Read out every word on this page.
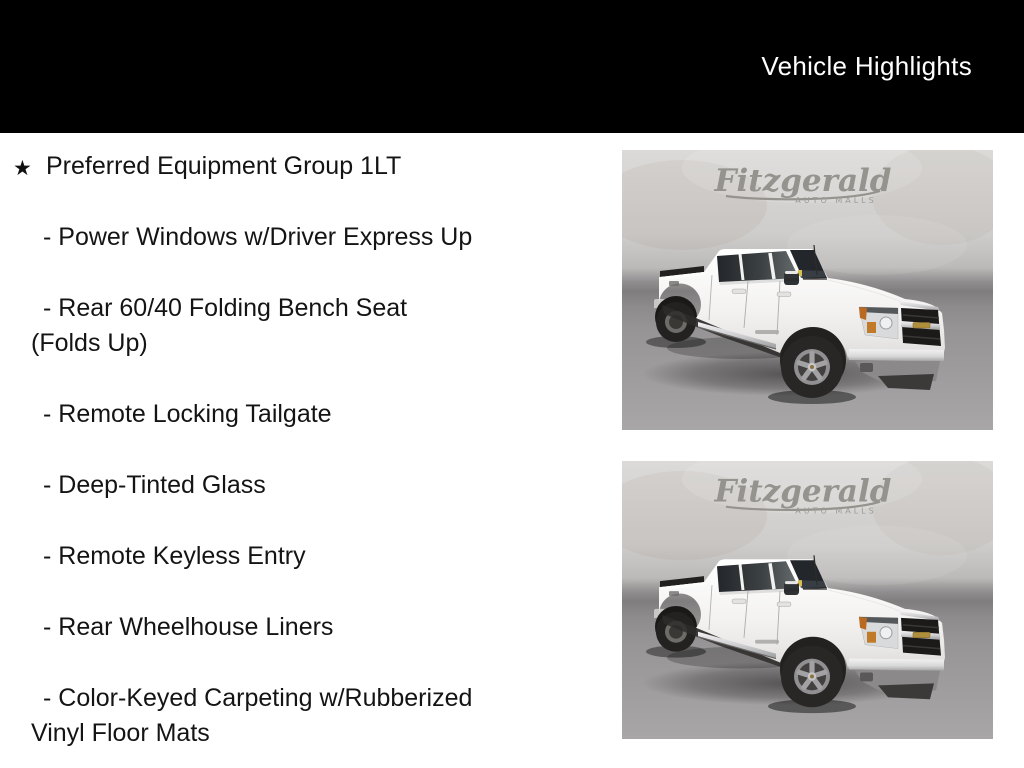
Vehicle Highlights
★ Preferred Equipment Group 1LT
- Power Windows w/Driver Express Up
- Rear 60/40 Folding Bench Seat
(Folds Up)
- Remote Locking Tailgate
- Deep-Tinted Glass
- Remote Keyless Entry
- Rear Wheelhouse Liners
- Color-Keyed Carpeting w/Rubberized
Vinyl Floor Mats
